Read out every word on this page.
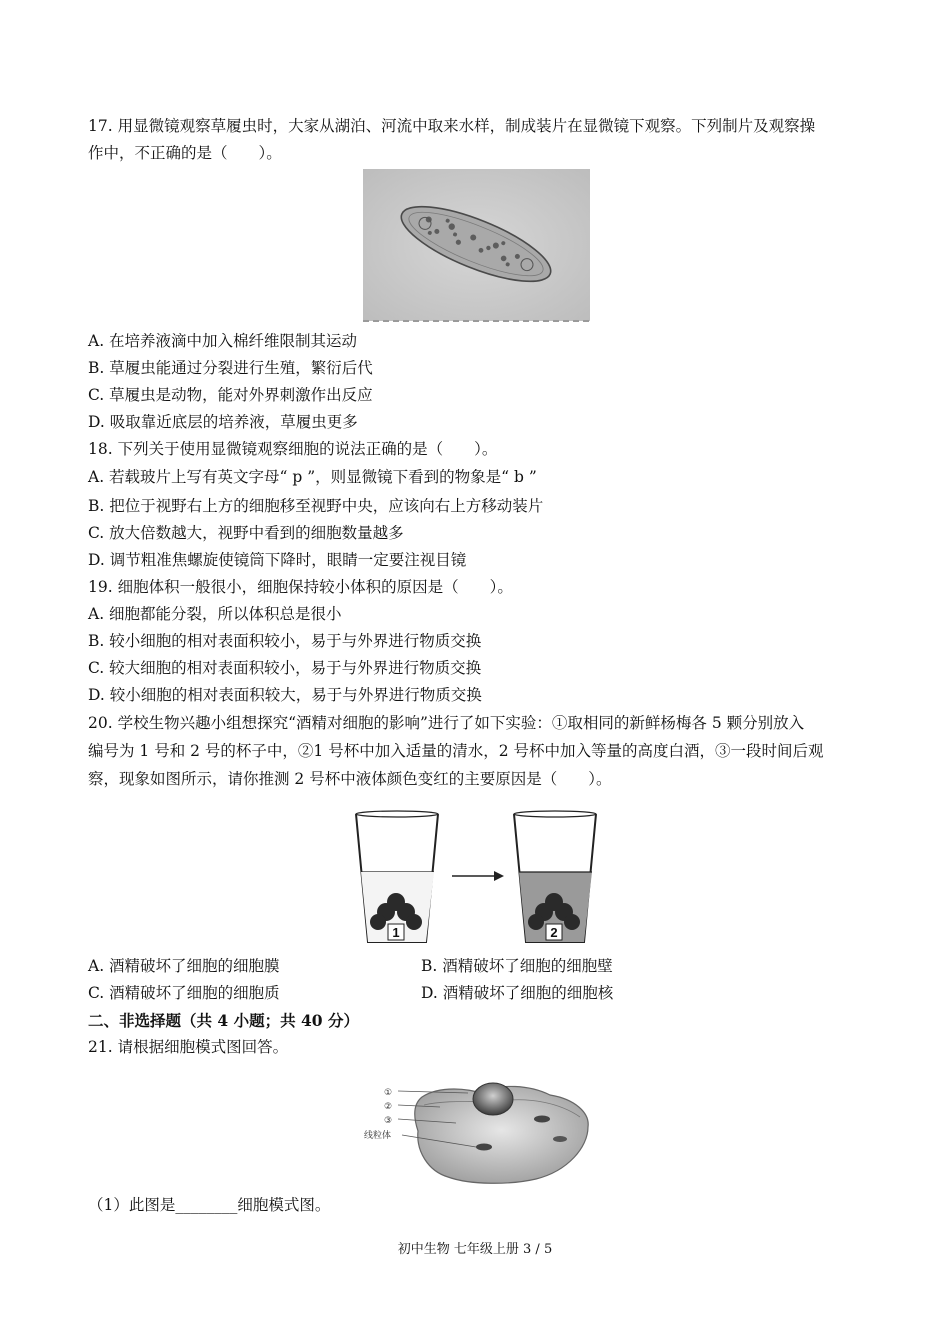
17. 用显微镜观察草履虫时，大家从湖泊、河流中取来水样，制成装片在显微镜下观察。下列制片及观察操
作中，不正确的是（　　）。
A. 在培养液滴中加入棉纤维限制其运动
B. 草履虫能通过分裂进行生殖，繁衍后代
C. 草履虫是动物，能对外界刺激作出反应
D. 吸取靠近底层的培养液，草履虫更多
18. 下列关于使用显微镜观察细胞的说法正确的是（　　）。
A. 若载玻片上写有英文字母“ p ”，则显微镜下看到的物象是“ b ”
B. 把位于视野右上方的细胞移至视野中央，应该向右上方移动装片
C. 放大倍数越大，视野中看到的细胞数量越多
D. 调节粗准焦螺旋使镜筒下降时，眼睛一定要注视目镜
19. 细胞体积一般很小，细胞保持较小体积的原因是（　　）。
A. 细胞都能分裂，所以体积总是很小
B. 较小细胞的相对表面积较小，易于与外界进行物质交换
C. 较大细胞的相对表面积较小，易于与外界进行物质交换
D. 较小细胞的相对表面积较大，易于与外界进行物质交换
20. 学校生物兴趣小组想探究“酒精对细胞的影响”进行了如下实验：①取相同的新鲜杨梅各 5 颗分别放入
编号为 1 号和 2 号的杯子中，②1 号杯中加入适量的清水，2 号杯中加入等量的高度白酒，③一段时间后观
察，现象如图所示，请你推测 2 号杯中液体颜色变红的主要原因是（　　）。
1	2
A. 酒精破坏了细胞的细胞膜	B. 酒精破坏了细胞的细胞壁
C. 酒精破坏了细胞的细胞质	D. 酒精破坏了细胞的细胞核
二、非选择题（共 4 小题；共 40 分）
21. 请根据细胞模式图回答。
①
②
③
线粒体
（1）此图是________细胞模式图。
初中生物 七年级上册 3 / 5
